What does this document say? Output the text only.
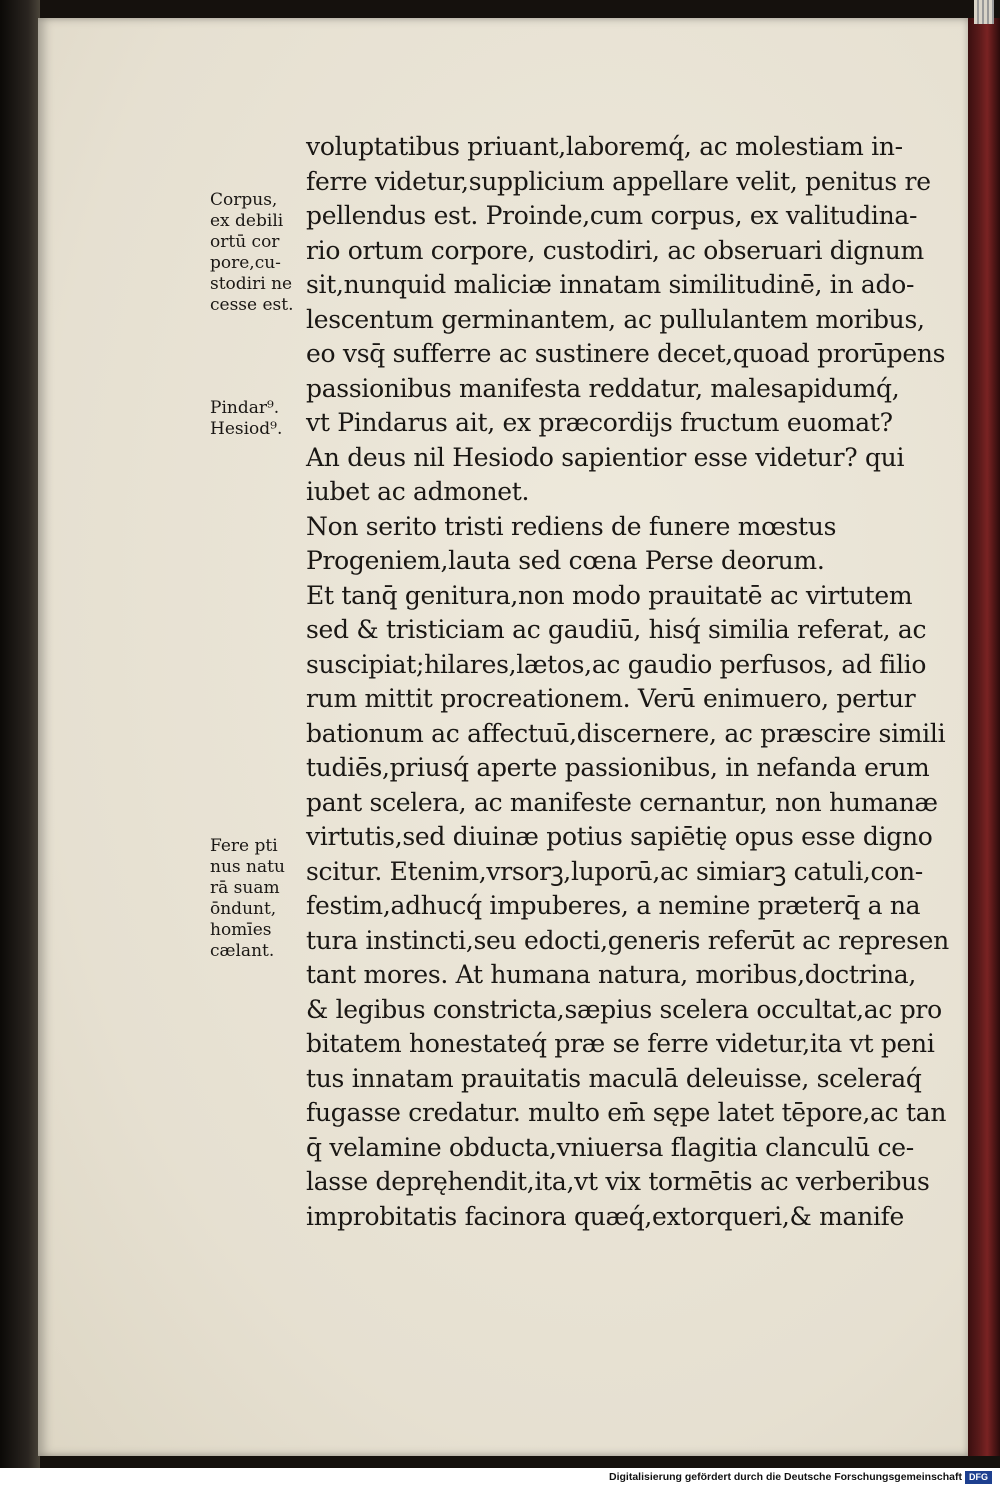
Corpus,
ex debili
ortū cor
pore,cu-
stodiri ne
cesse est.
Pindar⁹.
Hesiod⁹.
Fere pti
nus natu
rā suam
ōndunt,
homīes
cælant.
voluptatibus priuant,laboremq́, ac molestiam in-
ferre videtur,supplicium appellare velit, penitus re
pellendus est. Proinde,cum corpus, ex valitudina-
rio ortum corpore, custodiri, ac obseruari dignum
sit,nunquid maliciæ innatam similitudinē, in ado-
lescentum germinantem, ac pullulantem moribus,
eo vsq̄ sufferre ac sustinere decet,quoad prorūpens
passionibus manifesta reddatur, malesapidumq́,
vt Pindarus ait, ex præcordijs fructum euomat?
An deus nil Hesiodo sapientior esse videtur? qui
iubet ac admonet.
Non serito tristi rediens de funere mœstus
Progeniem,lauta sed cœna Perse deorum.
Et tanq̄ genitura,non modo prauitatē ac virtutem
sed & tristiciam ac gaudiū, hisq́ similia referat, ac
suscipiat;hilares,lætos,ac gaudio perfusos, ad filio
rum mittit procreationem. Verū enimuero, pertur
bationum ac affectuū,discernere, ac præscire simili
tudiēs,priusq́ aperte passionibus, in nefanda erum
pant scelera, ac manifeste cernantur, non humanæ
virtutis,sed diuinæ potius sapiētię opus esse digno
scitur. Etenim,vrsorꝫ,luporū,ac simiarꝫ catuli,con-
festim,adhucq́ impuberes, a nemine præterq̄ a na
tura instincti,seu edocti,generis referūt ac represen
tant mores. At humana natura, moribus,doctrina,
& legibus constricta,sæpius scelera occultat,ac pro
bitatem honestateq́ præ se ferre videtur,ita vt peni
tus innatam prauitatis maculā deleuisse, sceleraq́
fugasse credatur. multo em̄ sępe latet tēpore,ac tan
q̄ velamine obducta,vniuersa flagitia clanculū ce-
lasse depręhendit,ita,vt vix tormētis ac verberibus
improbitatis facinora quæq́,extorqueri,& manife
Digitalisierung gefördert durch die Deutsche Forschungsgemeinschaft DFG
